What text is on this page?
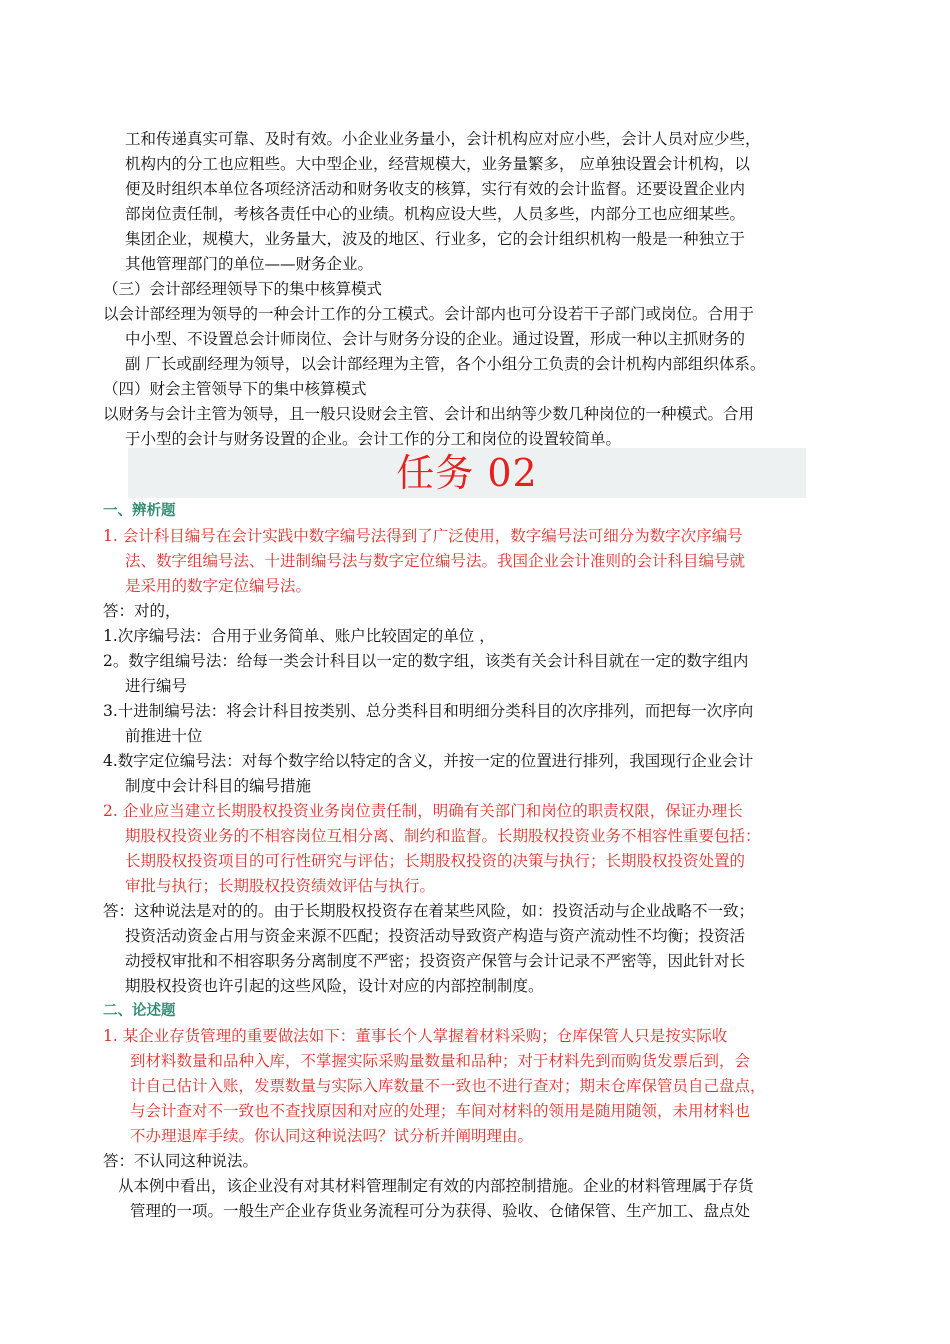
工和传递真实可靠、及时有效。小企业业务量小，会计机构应对应小些，会计人员对应少些，
机构内的分工也应粗些。大中型企业，经营规模大，业务量繁多， 应单独设置会计机构，以
便及时组织本单位各项经济活动和财务收支的核算，实行有效的会计监督。还要设置企业内
部岗位责任制，考核各责任中心的业绩。机构应设大些，人员多些，内部分工也应细某些。
集团企业，规模大，业务量大，波及的地区、行业多，它的会计组织机构一般是一种独立于
其他管理部门的单位——财务企业。
（三）会计部经理领导下的集中核算模式
以会计部经理为领导的一种会计工作的分工模式。会计部内也可分设若干子部门或岗位。合用于
中小型、不设置总会计师岗位、会计与财务分设的企业。通过设置，形成一种以主抓财务的
副 厂长或副经理为领导，以会计部经理为主管，各个小组分工负责的会计机构内部组织体系。
（四）财会主管领导下的集中核算模式
以财务与会计主管为领导，且一般只设财会主管、会计和出纳等少数几种岗位的一种模式。合用
于小型的会计与财务设置的企业。会计工作的分工和岗位的设置较简单。
任务 02
一、辨析题
1. 会计科目编号在会计实践中数字编号法得到了广泛使用，数字编号法可细分为数字次序编号
法、数字组编号法、十进制编号法与数字定位编号法。我国企业会计准则的会计科目编号就
是采用的数字定位编号法。
答：对的，
1.次序编号法：合用于业务简单、账户比较固定的单位 ，
2。数字组编号法：给每一类会计科目以一定的数字组，该类有关会计科目就在一定的数字组内
进行编号
3.十进制编号法：将会计科目按类别、总分类科目和明细分类科目的次序排列，而把每一次序向
前推进十位
4.数字定位编号法：对每个数字给以特定的含义，并按一定的位置进行排列，我国现行企业会计
制度中会计科目的编号措施
2. 企业应当建立长期股权投资业务岗位责任制，明确有关部门和岗位的职责权限，保证办理长
期股权投资业务的不相容岗位互相分离、制约和监督。长期股权投资业务不相容性重要包括：
长期股权投资项目的可行性研究与评估；长期股权投资的决策与执行；长期股权投资处置的
审批与执行；长期股权投资绩效评估与执行。
答：这种说法是对的的。由于长期股权投资存在着某些风险，如：投资活动与企业战略不一致；
投资活动资金占用与资金来源不匹配；投资活动导致资产构造与资产流动性不均衡；投资活
动授权审批和不相容职务分离制度不严密；投资资产保管与会计记录不严密等，因此针对长
期股权投资也许引起的这些风险，设计对应的内部控制制度。
二、论述题
1. 某企业存货管理的重要做法如下：董事长个人掌握着材料采购；仓库保管人只是按实际收
到材料数量和品种入库，不掌握实际采购量数量和品种；对于材料先到而购货发票后到，会
计自己估计入账，发票数量与实际入库数量不一致也不进行查对；期末仓库保管员自己盘点，
与会计查对不一致也不查找原因和对应的处理；车间对材料的领用是随用随领，未用材料也
不办理退库手续。你认同这种说法吗？试分析并阐明理由。
答：不认同这种说法。
从本例中看出，该企业没有对其材料管理制定有效的内部控制措施。企业的材料管理属于存货
管理的一项。一般生产企业存货业务流程可分为获得、验收、仓储保管、生产加工、盘点处
